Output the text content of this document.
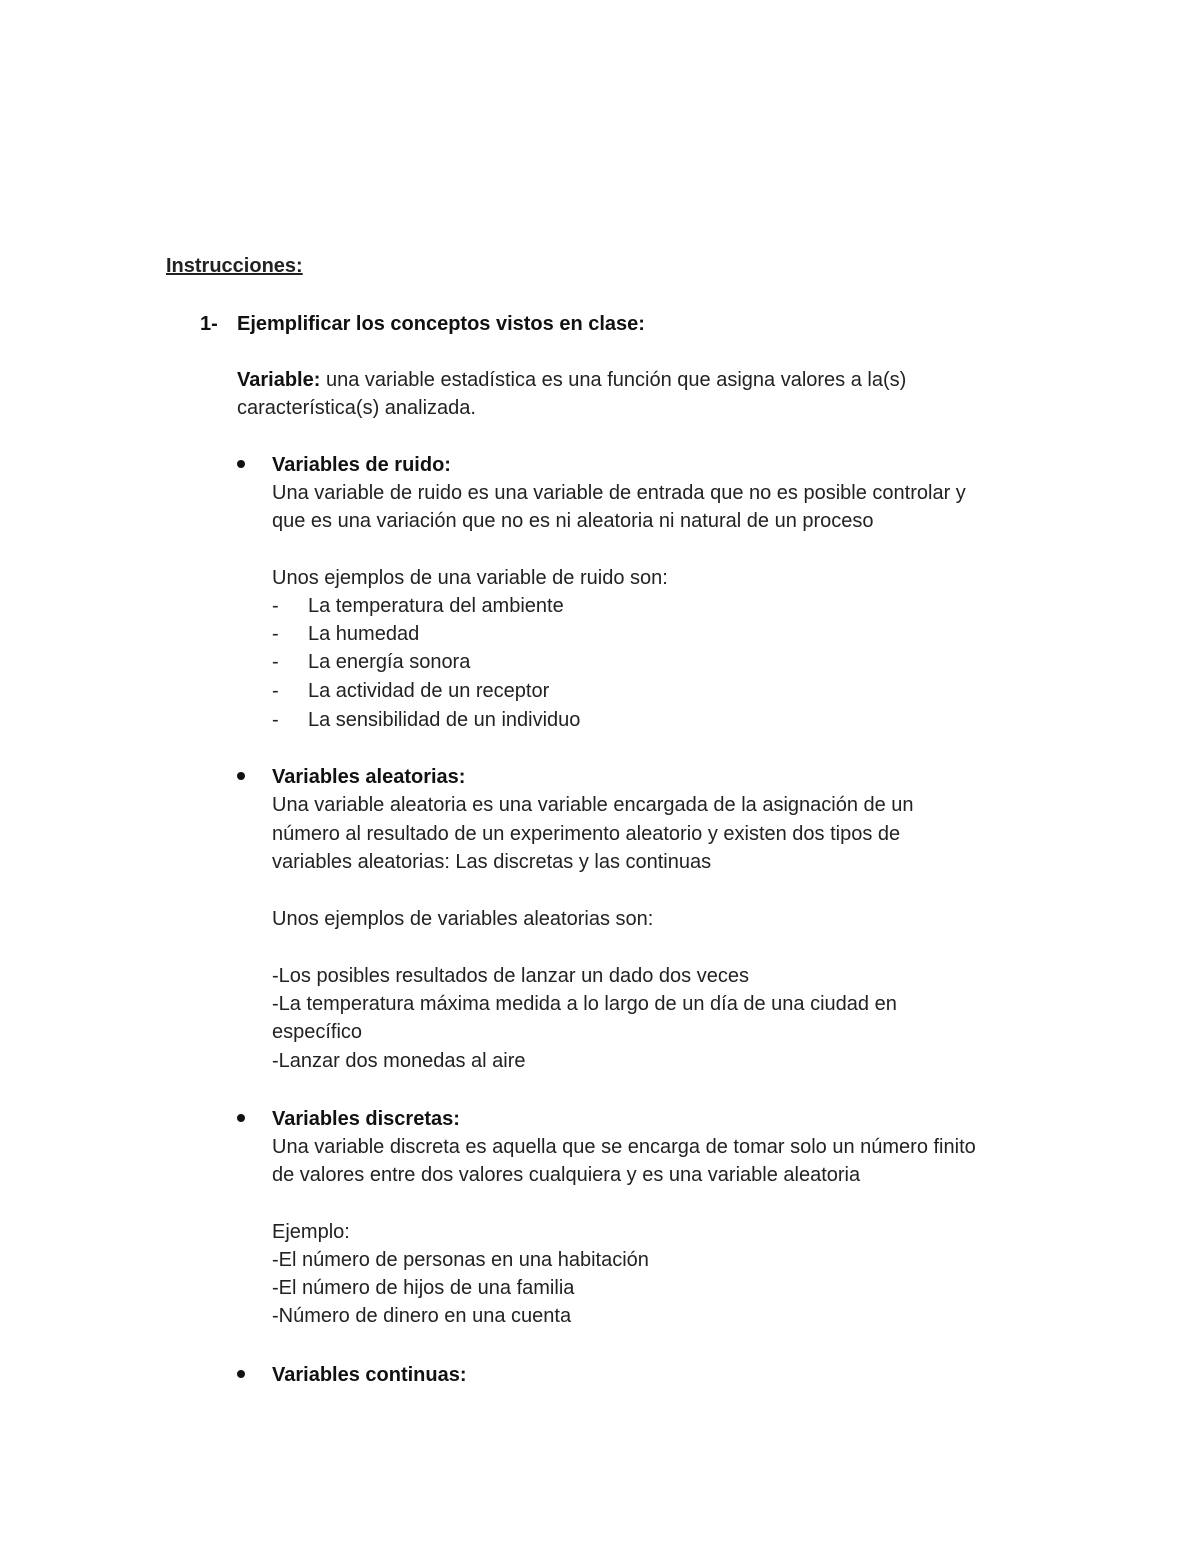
Instrucciones:
1- Ejemplificar los conceptos vistos en clase:
Variable: una variable estadística es una función que asigna valores a la(s)
característica(s) analizada.
Variables de ruido:
Una variable de ruido es una variable de entrada que no es posible controlar y
que es una variación que no es ni aleatoria ni natural de un proceso
Unos ejemplos de una variable de ruido son:
- La temperatura del ambiente
- La humedad
- La energía sonora
- La actividad de un receptor
- La sensibilidad de un individuo
Variables aleatorias:
Una variable aleatoria es una variable encargada de la asignación de un
número al resultado de un experimento aleatorio y existen dos tipos de
variables aleatorias: Las discretas y las continuas
Unos ejemplos de variables aleatorias son:
-Los posibles resultados de lanzar un dado dos veces
-La temperatura máxima medida a lo largo de un día de una ciudad en
específico
-Lanzar dos monedas al aire
Variables discretas:
Una variable discreta es aquella que se encarga de tomar solo un número finito
de valores entre dos valores cualquiera y es una variable aleatoria
Ejemplo:
-El número de personas en una habitación
-El número de hijos de una familia
-Número de dinero en una cuenta
Variables continuas:
